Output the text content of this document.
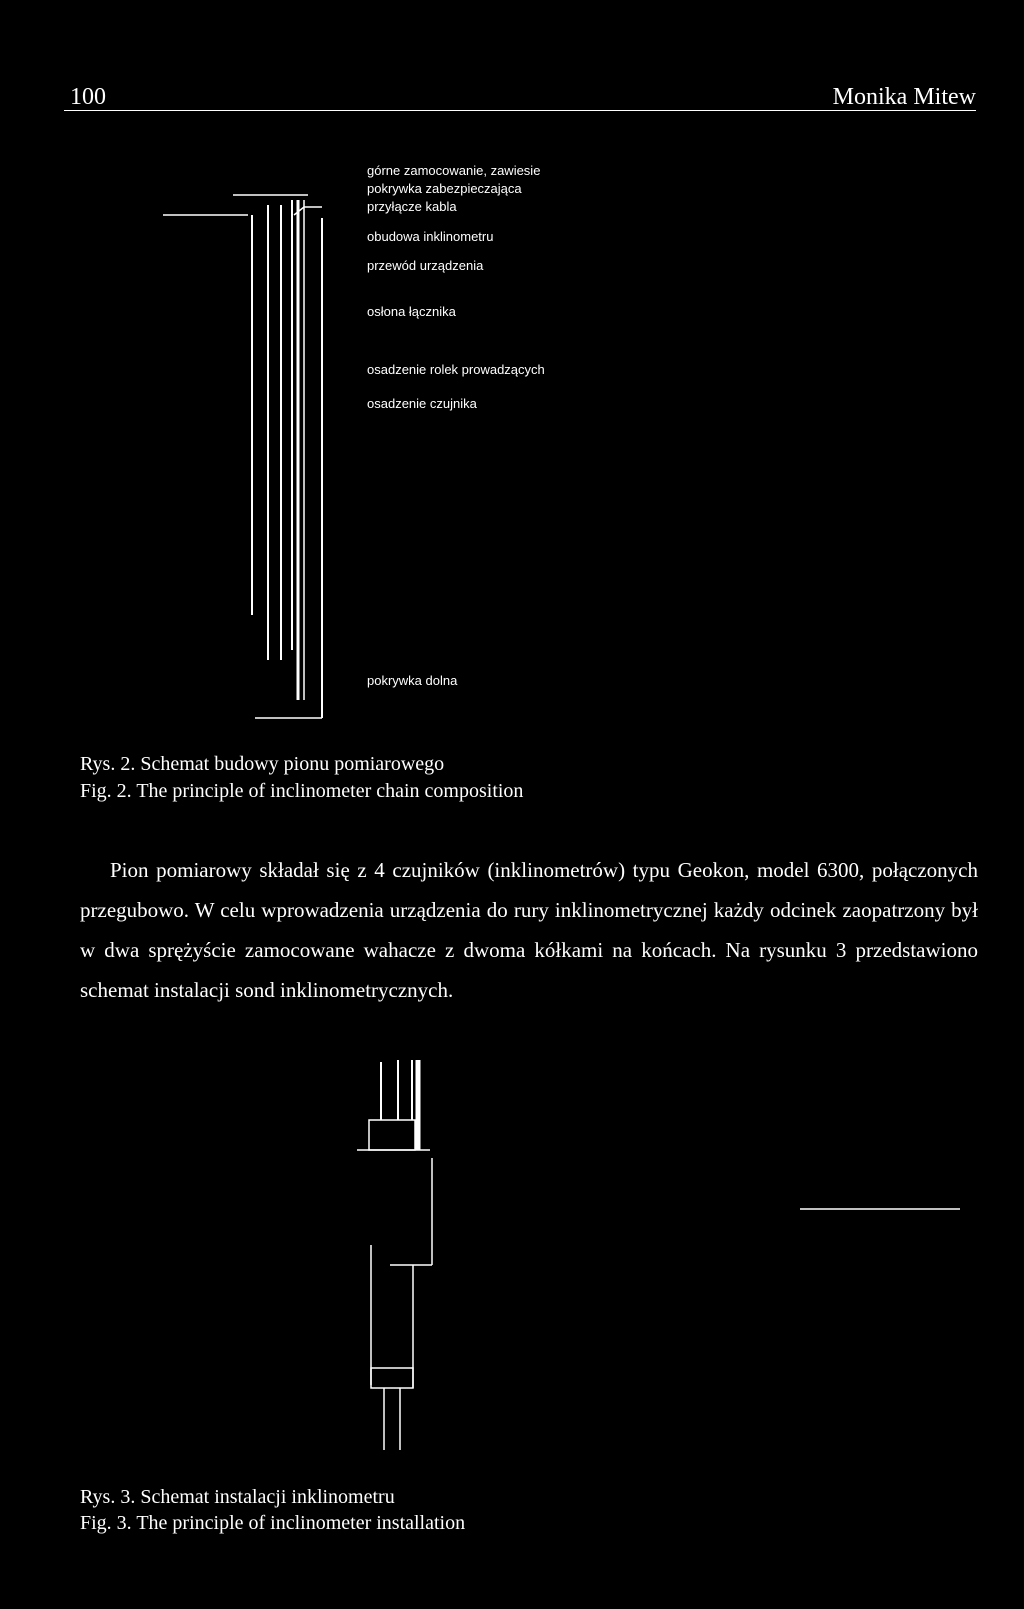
100	Monika Mitew
górne zamocowanie, zawiesie
pokrywka zabezpieczająca
przyłącze kabla
obudowa inklinometru
przewód urządzenia
osłona łącznika
osadzenie rolek prowadzących
osadzenie czujnika
pokrywka dolna
Rys. 2. Schemat budowy pionu pomiarowego
Fig. 2. The principle of inclinometer chain composition
Pion pomiarowy składał się z 4 czujników (inklinometrów) typu Geokon, model 6300, połączonych przegubowo. W celu wprowadzenia urządzenia do rury inklinometrycznej każdy odcinek zaopatrzony był w dwa sprężyście zamocowane wahacze z dwoma kółkami na końcach. Na rysunku 3 przedstawiono schemat instalacji sond inklinometrycznych.
Rys. 3. Schemat instalacji inklinometru
Fig. 3. The principle of inclinometer installation
